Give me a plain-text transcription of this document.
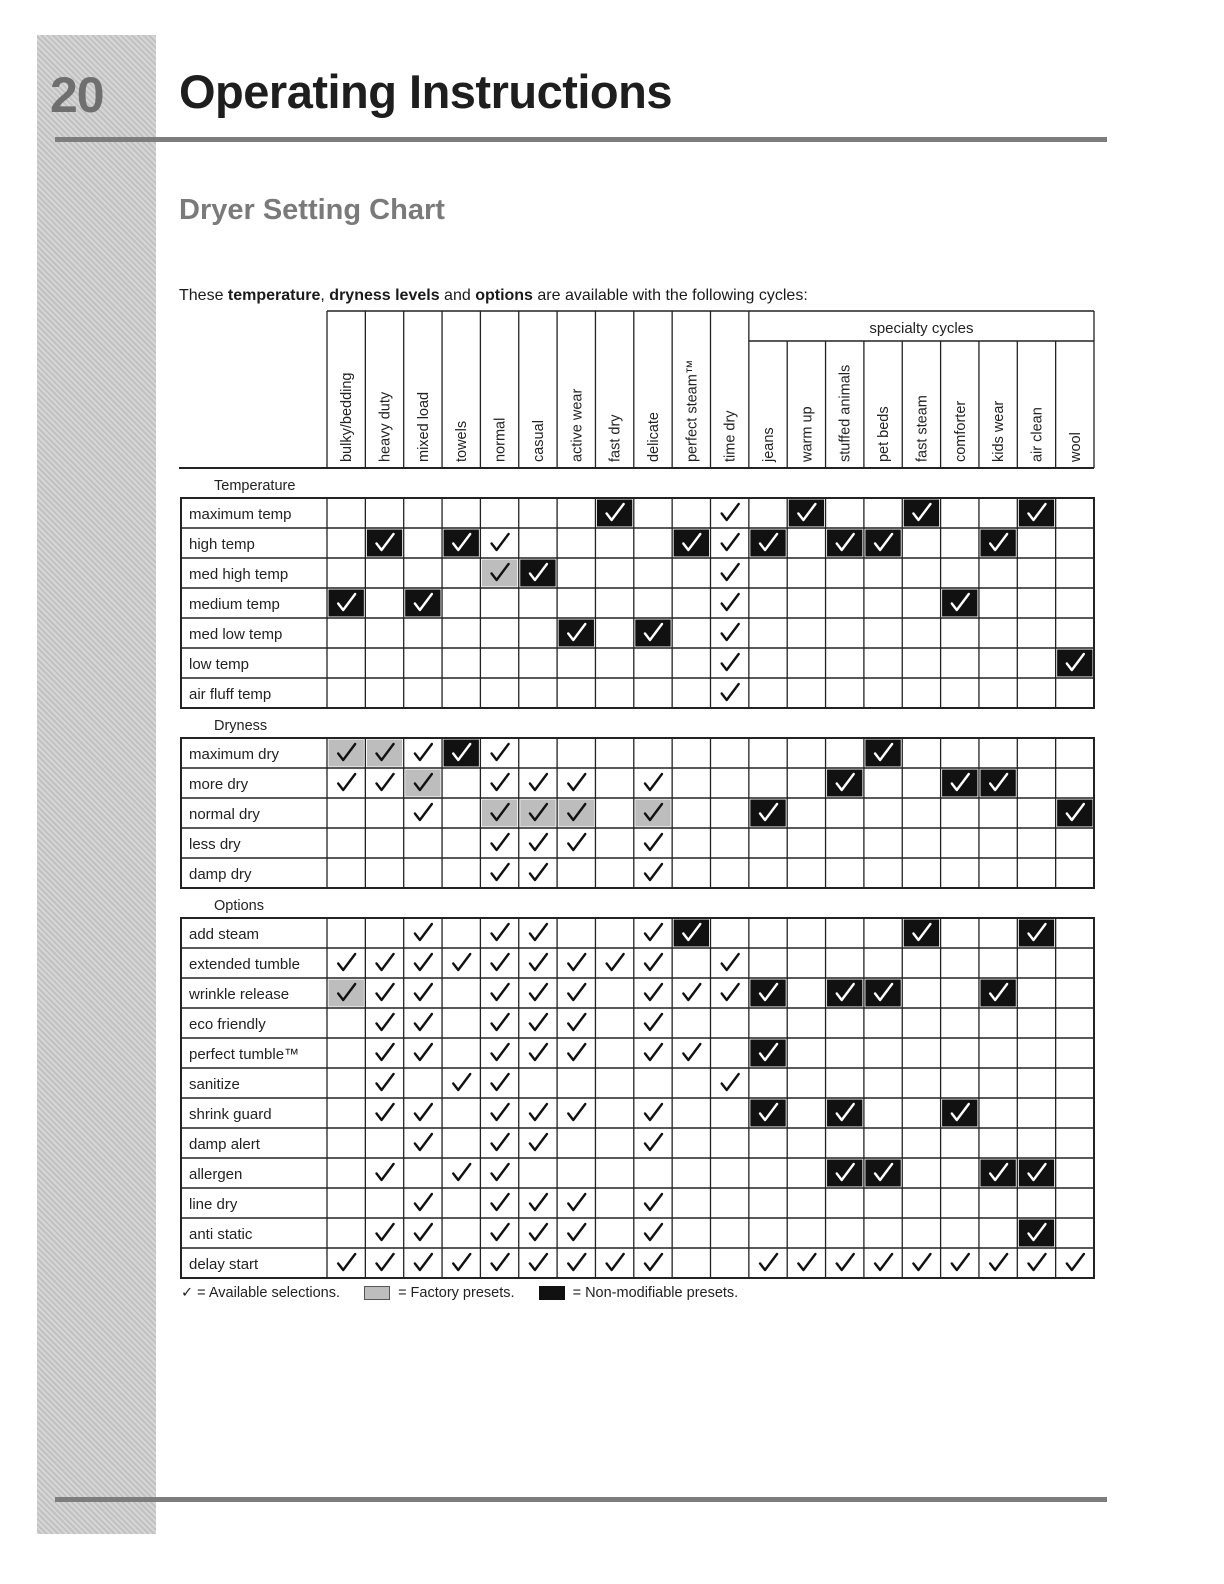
20 Operating Instructions
Dryer Setting Chart
These temperature, dryness levels and options are available with the following cycles:
specialty cycles
bulky/bedding heavy duty mixed load towels normal casual active wear fast dry delicate perfect steam™ time dry jeans warm up stuffed animals pet beds fast steam comforter kids wear air clean wool
Temperature
maximum temp
high temp
med high temp
medium temp
med low temp
low temp
air fluff temp
Dryness
maximum dry
more dry
normal dry
less dry
damp dry
Options
add steam
extended tumble
wrinkle release
eco friendly
perfect tumble™
sanitize
shrink guard
damp alert
allergen
line dry
anti static
delay start
✓ = Available selections.	= Factory presets.	= Non-modifiable presets.
